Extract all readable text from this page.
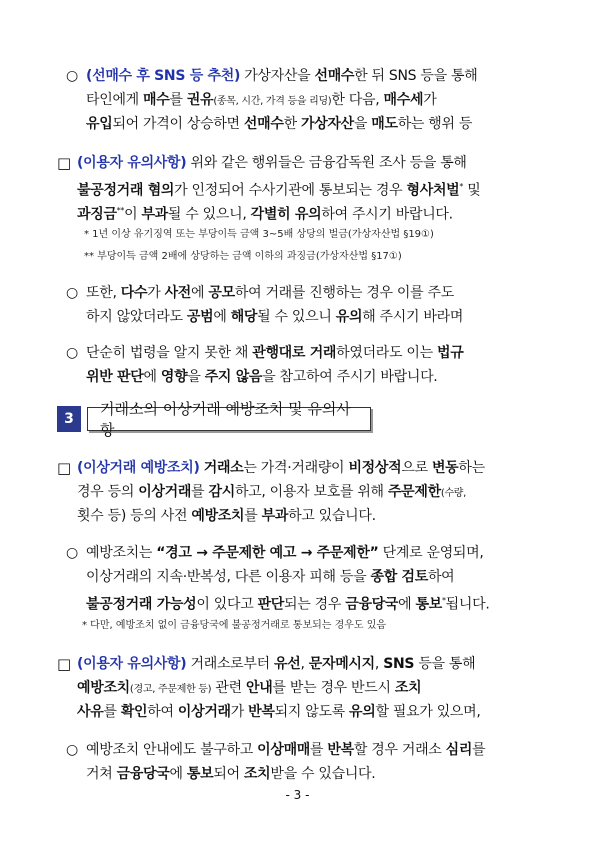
○ (선매수 후 SNS 등 추천) 가상자산을 선매수한 뒤 SNS 등을 통해
타인에게 매수를 권유(종목, 시간, 가격 등을 리딩)한 다음, 매수세가
유입되어 가격이 상승하면 선매수한 가상자산을 매도하는 행위 등
□ (이용자 유의사항) 위와 같은 행위들은 금융감독원 조사 등을 통해
불공정거래 혐의가 인정되어 수사기관에 통보되는 경우 형사처벌* 및
과징금**이 부과될 수 있으니, 각별히 유의하여 주시기 바랍니다.
* 1년 이상 유기징역 또는 부당이득 금액 3~5배 상당의 벌금(가상자산법 §19①)
** 부당이득 금액 2배에 상당하는 금액 이하의 과징금(가상자산법 §17①)
○ 또한, 다수가 사전에 공모하여 거래를 진행하는 경우 이를 주도
하지 않았더라도 공범에 해당될 수 있으니 유의해 주시기 바라며
○ 단순히 법령을 알지 못한 채 관행대로 거래하였더라도 이는 법규
위반 판단에 영향을 주지 않음을 참고하여 주시기 바랍니다.
3
거래소의 이상거래 예방조치 및 유의사항
□ (이상거래 예방조치) 거래소는 가격·거래량이 비정상적으로 변동하는
경우 등의 이상거래를 감시하고, 이용자 보호를 위해 주문제한(수량,
횟수 등) 등의 사전 예방조치를 부과하고 있습니다.
○ 예방조치는 “경고 → 주문제한 예고 → 주문제한” 단계로 운영되며,
이상거래의 지속·반복성, 다른 이용자 피해 등을 종합 검토하여
불공정거래 가능성이 있다고 판단되는 경우 금융당국에 통보*됩니다.
* 다만, 예방조치 없이 금융당국에 불공정거래로 통보되는 경우도 있음
□ (이용자 유의사항) 거래소로부터 유선, 문자메시지, SNS 등을 통해
예방조치(경고, 주문제한 등) 관련 안내를 받는 경우 반드시 조치
사유를 확인하여 이상거래가 반복되지 않도록 유의할 필요가 있으며,
○ 예방조치 안내에도 불구하고 이상매매를 반복할 경우 거래소 심리를
거쳐 금융당국에 통보되어 조치받을 수 있습니다.
- 3 -
